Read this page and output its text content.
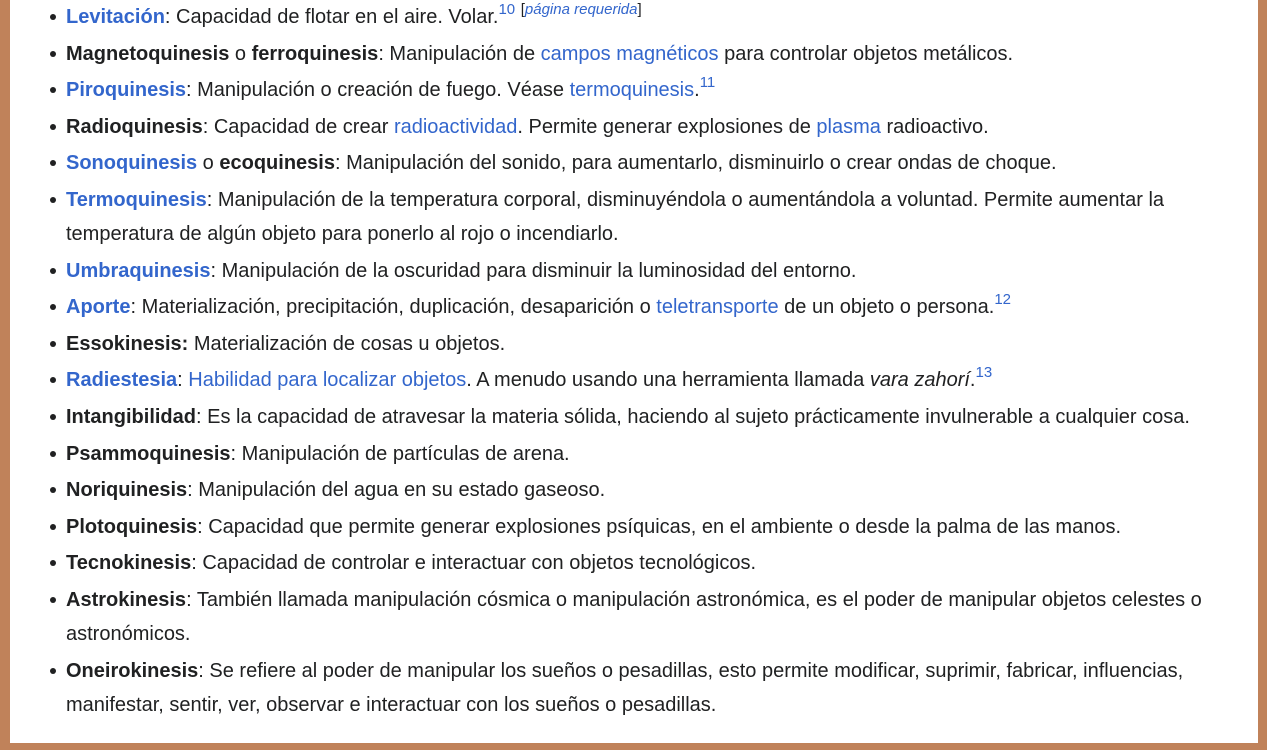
Levitación: Capacidad de flotar en el aire. Volar.$^{10}$ [página requerida]
Magnetoquinesis o ferroquinesis: Manipulación de campos magnéticos para controlar objetos metálicos.
Piroquinesis: Manipulación o creación de fuego. Véase termoquinesis.$^{11}$
Radioquinesis: Capacidad de crear radioactividad. Permite generar explosiones de plasma radioactivo.
Sonoquinesis o ecoquinesis: Manipulación del sonido, para aumentarlo, disminuirlo o crear ondas de choque.
Termoquinesis: Manipulación de la temperatura corporal, disminuyéndola o aumentándola a voluntad. Permite aumentar la temperatura de algún objeto para ponerlo al rojo o incendiarlo.
Umbraquinesis: Manipulación de la oscuridad para disminuir la luminosidad del entorno.
Aporte: Materialización, precipitación, duplicación, desaparición o teletransporte de un objeto o persona.$^{12}$
Essokinesis: Materialización de cosas u objetos.
Radiestesia: Habilidad para localizar objetos. A menudo usando una herramienta llamada vara zahorí.$^{13}$
Intangibilidad: Es la capacidad de atravesar la materia sólida, haciendo al sujeto prácticamente invulnerable a cualquier cosa.
Psammoquinesis: Manipulación de partículas de arena.
Noriquinesis: Manipulación del agua en su estado gaseoso.
Plotoquinesis: Capacidad que permite generar explosiones psíquicas, en el ambiente o desde la palma de las manos.
Tecnokinesis: Capacidad de controlar e interactuar con objetos tecnológicos.
Astrokinesis: También llamada manipulación cósmica o manipulación astronómica, es el poder de manipular objetos celestes o astronómicos.
Oneirokinesis: Se refiere al poder de manipular los sueños o pesadillas, esto permite modificar, suprimir, fabricar, influencias, manifestar, sentir, ver, observar e interactuar con los sueños o pesadillas.
